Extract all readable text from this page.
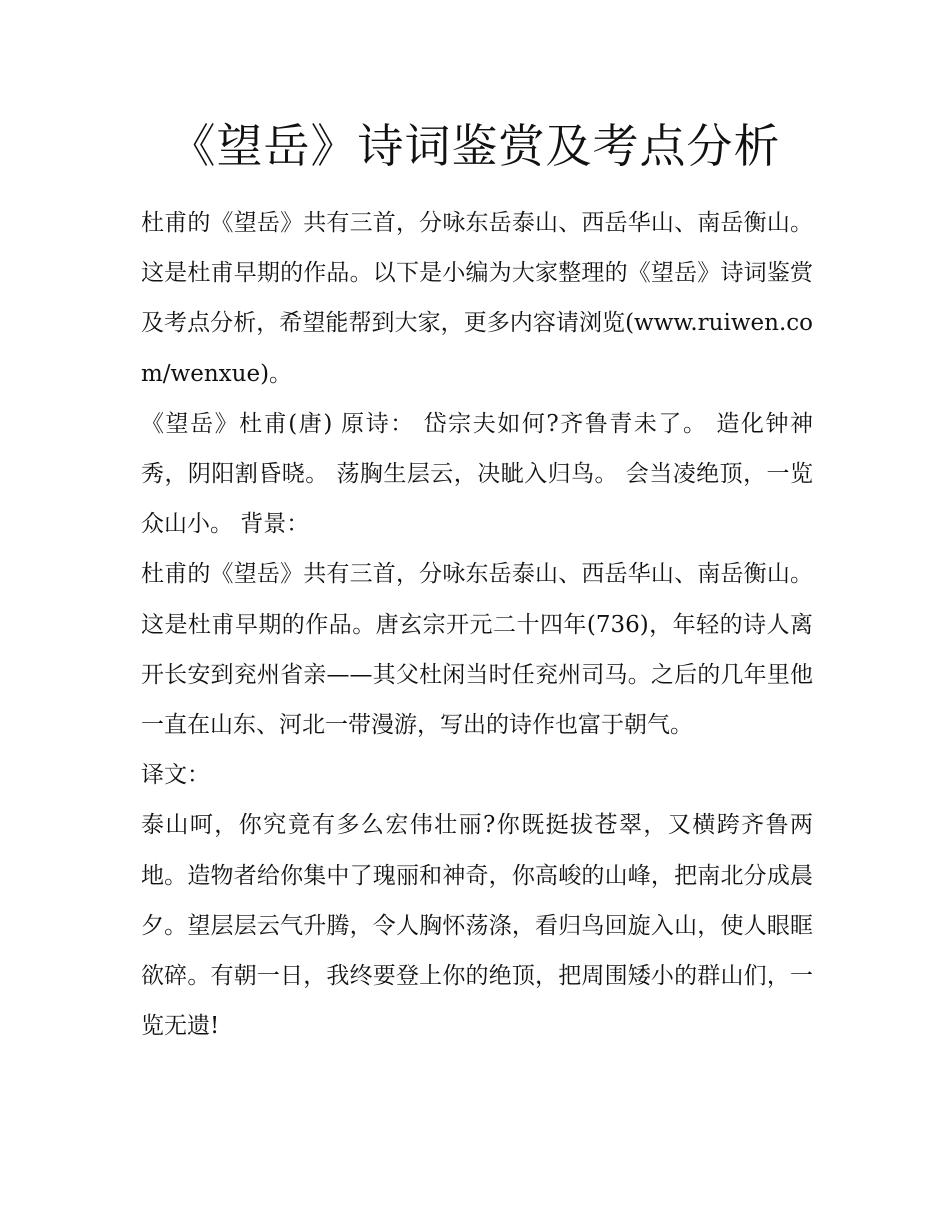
《望岳》诗词鉴赏及考点分析

杜甫的《望岳》共有三首，分咏东岳泰山、西岳华山、南岳衡山。这是杜甫早期的作品。以下是小编为大家整理的《望岳》诗词鉴赏及考点分析，希望能帮到大家，更多内容请浏览(www.ruiwen.com/wenxue)。

《望岳》杜甫(唐) 原诗： 岱宗夫如何?齐鲁青未了。 造化钟神秀，阴阳割昏晓。 荡胸生层云，决眦入归鸟。 会当凌绝顶，一览众山小。 背景：

杜甫的《望岳》共有三首，分咏东岳泰山、西岳华山、南岳衡山。这是杜甫早期的作品。唐玄宗开元二十四年(736)，年轻的诗人离开长安到兖州省亲——其父杜闲当时任兖州司马。之后的几年里他一直在山东、河北一带漫游，写出的诗作也富于朝气。

译文：

泰山呵，你究竟有多么宏伟壮丽?你既挺拔苍翠，又横跨齐鲁两地。造物者给你集中了瑰丽和神奇，你高峻的山峰，把南北分成晨夕。望层层云气升腾，令人胸怀荡涤，看归鸟回旋入山，使人眼眶欲碎。有朝一日，我终要登上你的绝顶，把周围矮小的群山们，一览无遗!
